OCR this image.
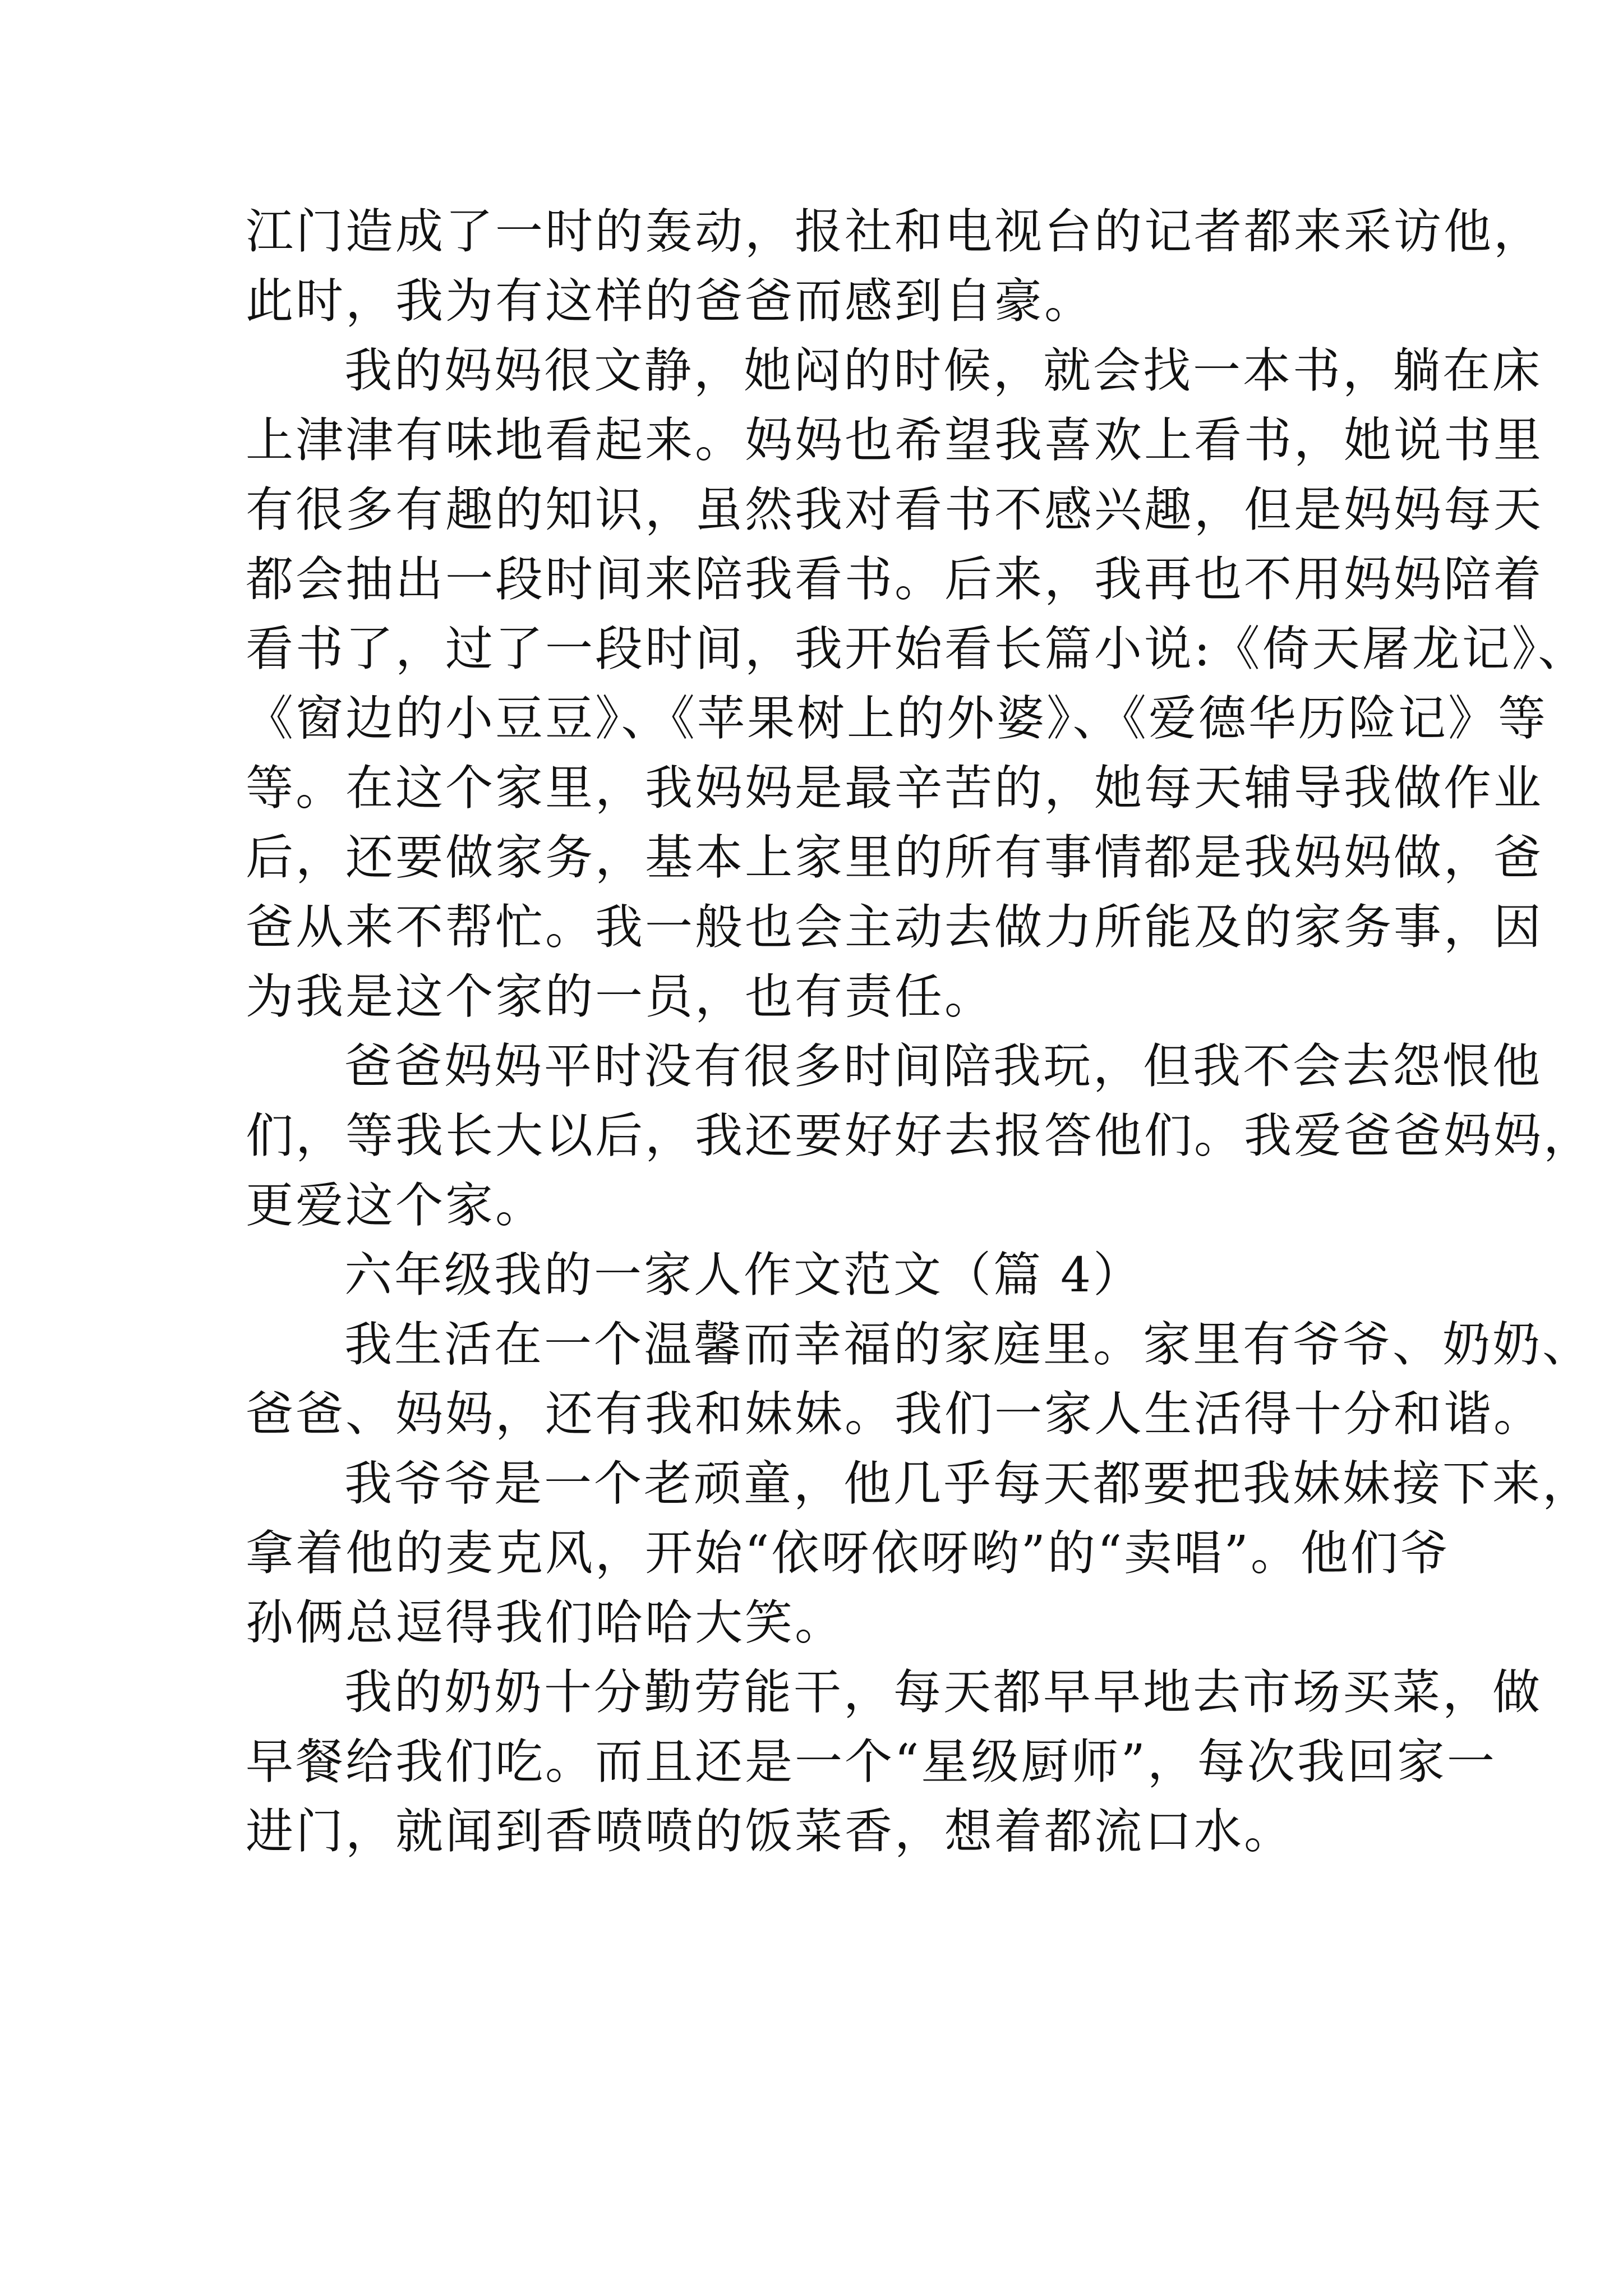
江门造成了一时的轰动，报社和电视台的记者都来采访他，
此时，我为有这样的爸爸而感到自豪。
我的妈妈很文静，她闷的时候，就会找一本书，躺在床
上津津有味地看起来。妈妈也希望我喜欢上看书，她说书里
有很多有趣的知识，虽然我对看书不感兴趣，但是妈妈每天
都会抽出一段时间来陪我看书。后来，我再也不用妈妈陪着
看书了，过了一段时间，我开始看长篇小说:《倚天屠龙记》、
《窗边的小豆豆》、《苹果树上的外婆》、《爱德华历险记》等
等。在这个家里，我妈妈是最辛苦的，她每天辅导我做作业
后，还要做家务，基本上家里的所有事情都是我妈妈做，爸
爸从来不帮忙。我一般也会主动去做力所能及的家务事，因
为我是这个家的一员，也有责任。
爸爸妈妈平时没有很多时间陪我玩，但我不会去怨恨他
们，等我长大以后，我还要好好去报答他们。我爱爸爸妈妈，
更爱这个家。
六年级我的一家人作文范文（篇 4）
我生活在一个温馨而幸福的家庭里。家里有爷爷、奶奶、
爸爸、妈妈，还有我和妹妹。我们一家人生活得十分和谐。
我爷爷是一个老顽童，他几乎每天都要把我妹妹接下来，
拿着他的麦克风，开始“依呀依呀哟”的“卖唱”。他们爷
孙俩总逗得我们哈哈大笑。
我的奶奶十分勤劳能干，每天都早早地去市场买菜，做
早餐给我们吃。而且还是一个“星级厨师”，每次我回家一
进门，就闻到香喷喷的饭菜香，想着都流口水。
